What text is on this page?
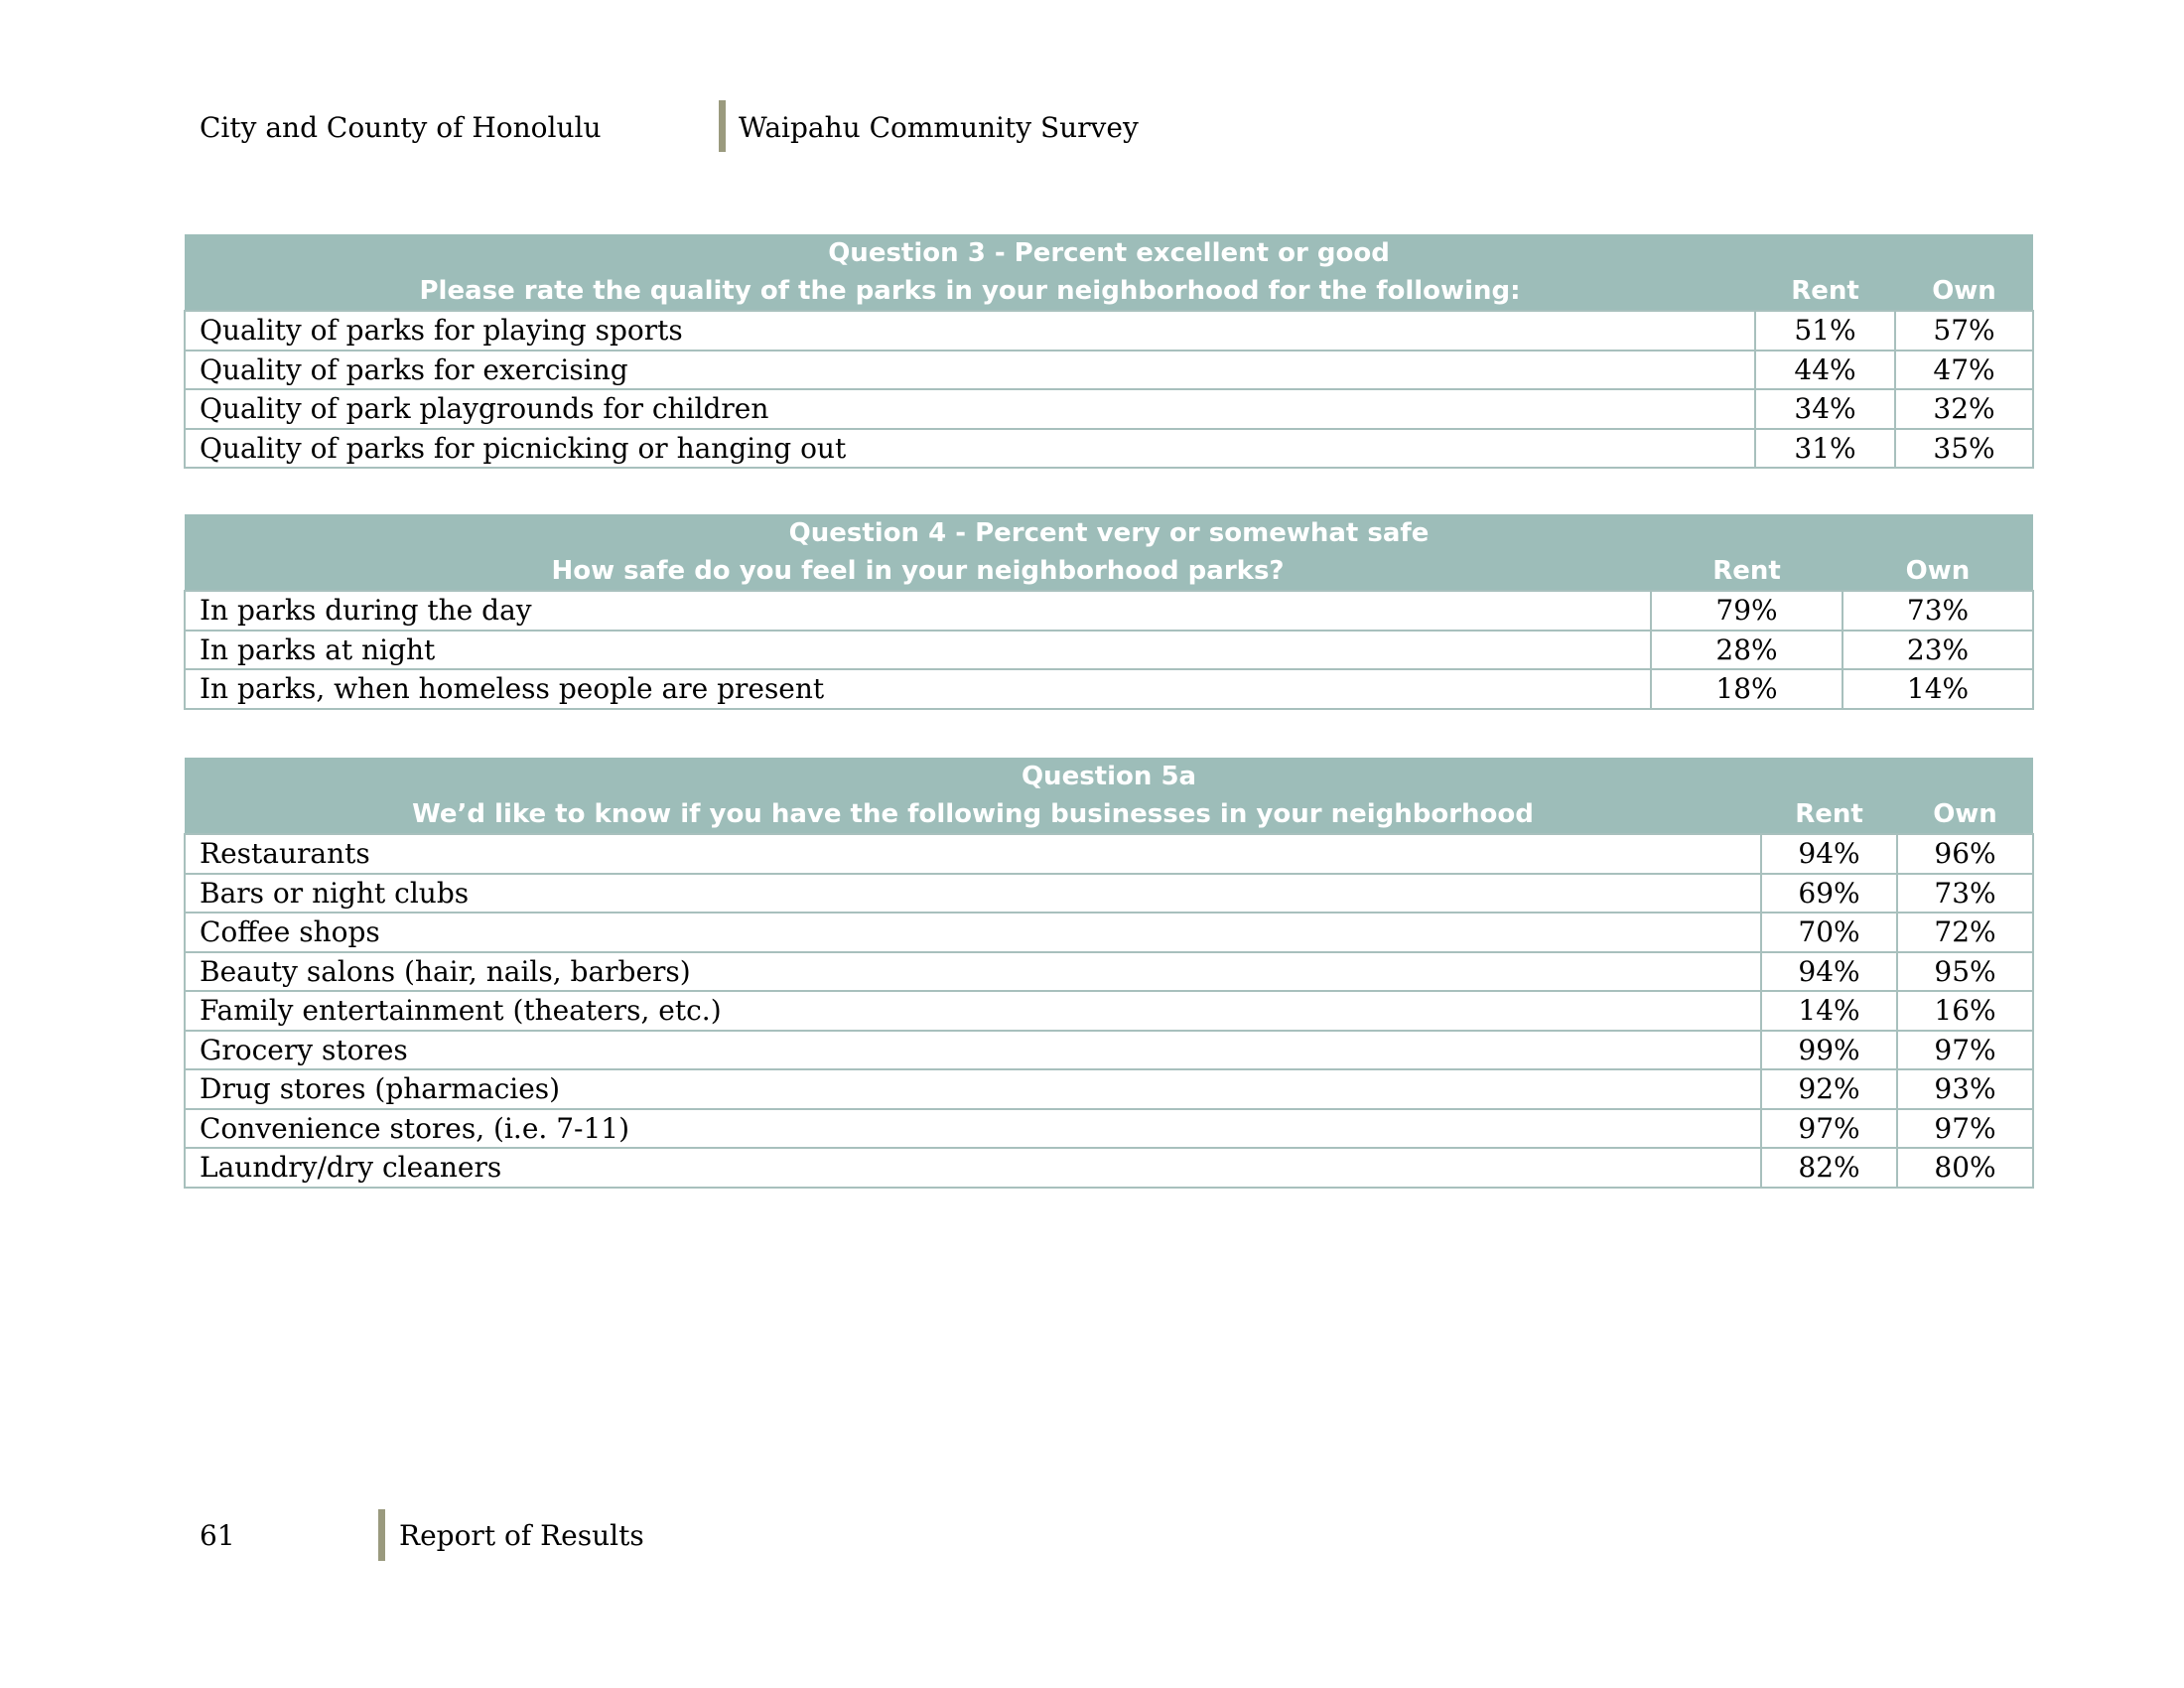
City and County of Honolulu	Waipahu Community Survey
Question 3 - Percent excellent or good		
Please rate the quality of the parks in your neighborhood for the following:	Rent	Own
Quality of parks for playing sports	51%	57%
Quality of parks for exercising	44%	47%
Quality of park playgrounds for children	34%	32%
Quality of parks for picnicking or hanging out	31%	35%
Question 4 - Percent very or somewhat safe		
How safe do you feel in your neighborhood parks?	Rent	Own
In parks during the day	79%	73%
In parks at night	28%	23%
In parks, when homeless people are present	18%	14%
Question 5a		
We’d like to know if you have the following businesses in your neighborhood	Rent	Own
Restaurants	94%	96%
Bars or night clubs	69%	73%
Coffee shops	70%	72%
Beauty salons (hair, nails, barbers)	94%	95%
Family entertainment (theaters, etc.)	14%	16%
Grocery stores	99%	97%
Drug stores (pharmacies)	92%	93%
Convenience stores, (i.e. 7-11)	97%	97%
Laundry/dry cleaners	82%	80%
61	Report of Results
